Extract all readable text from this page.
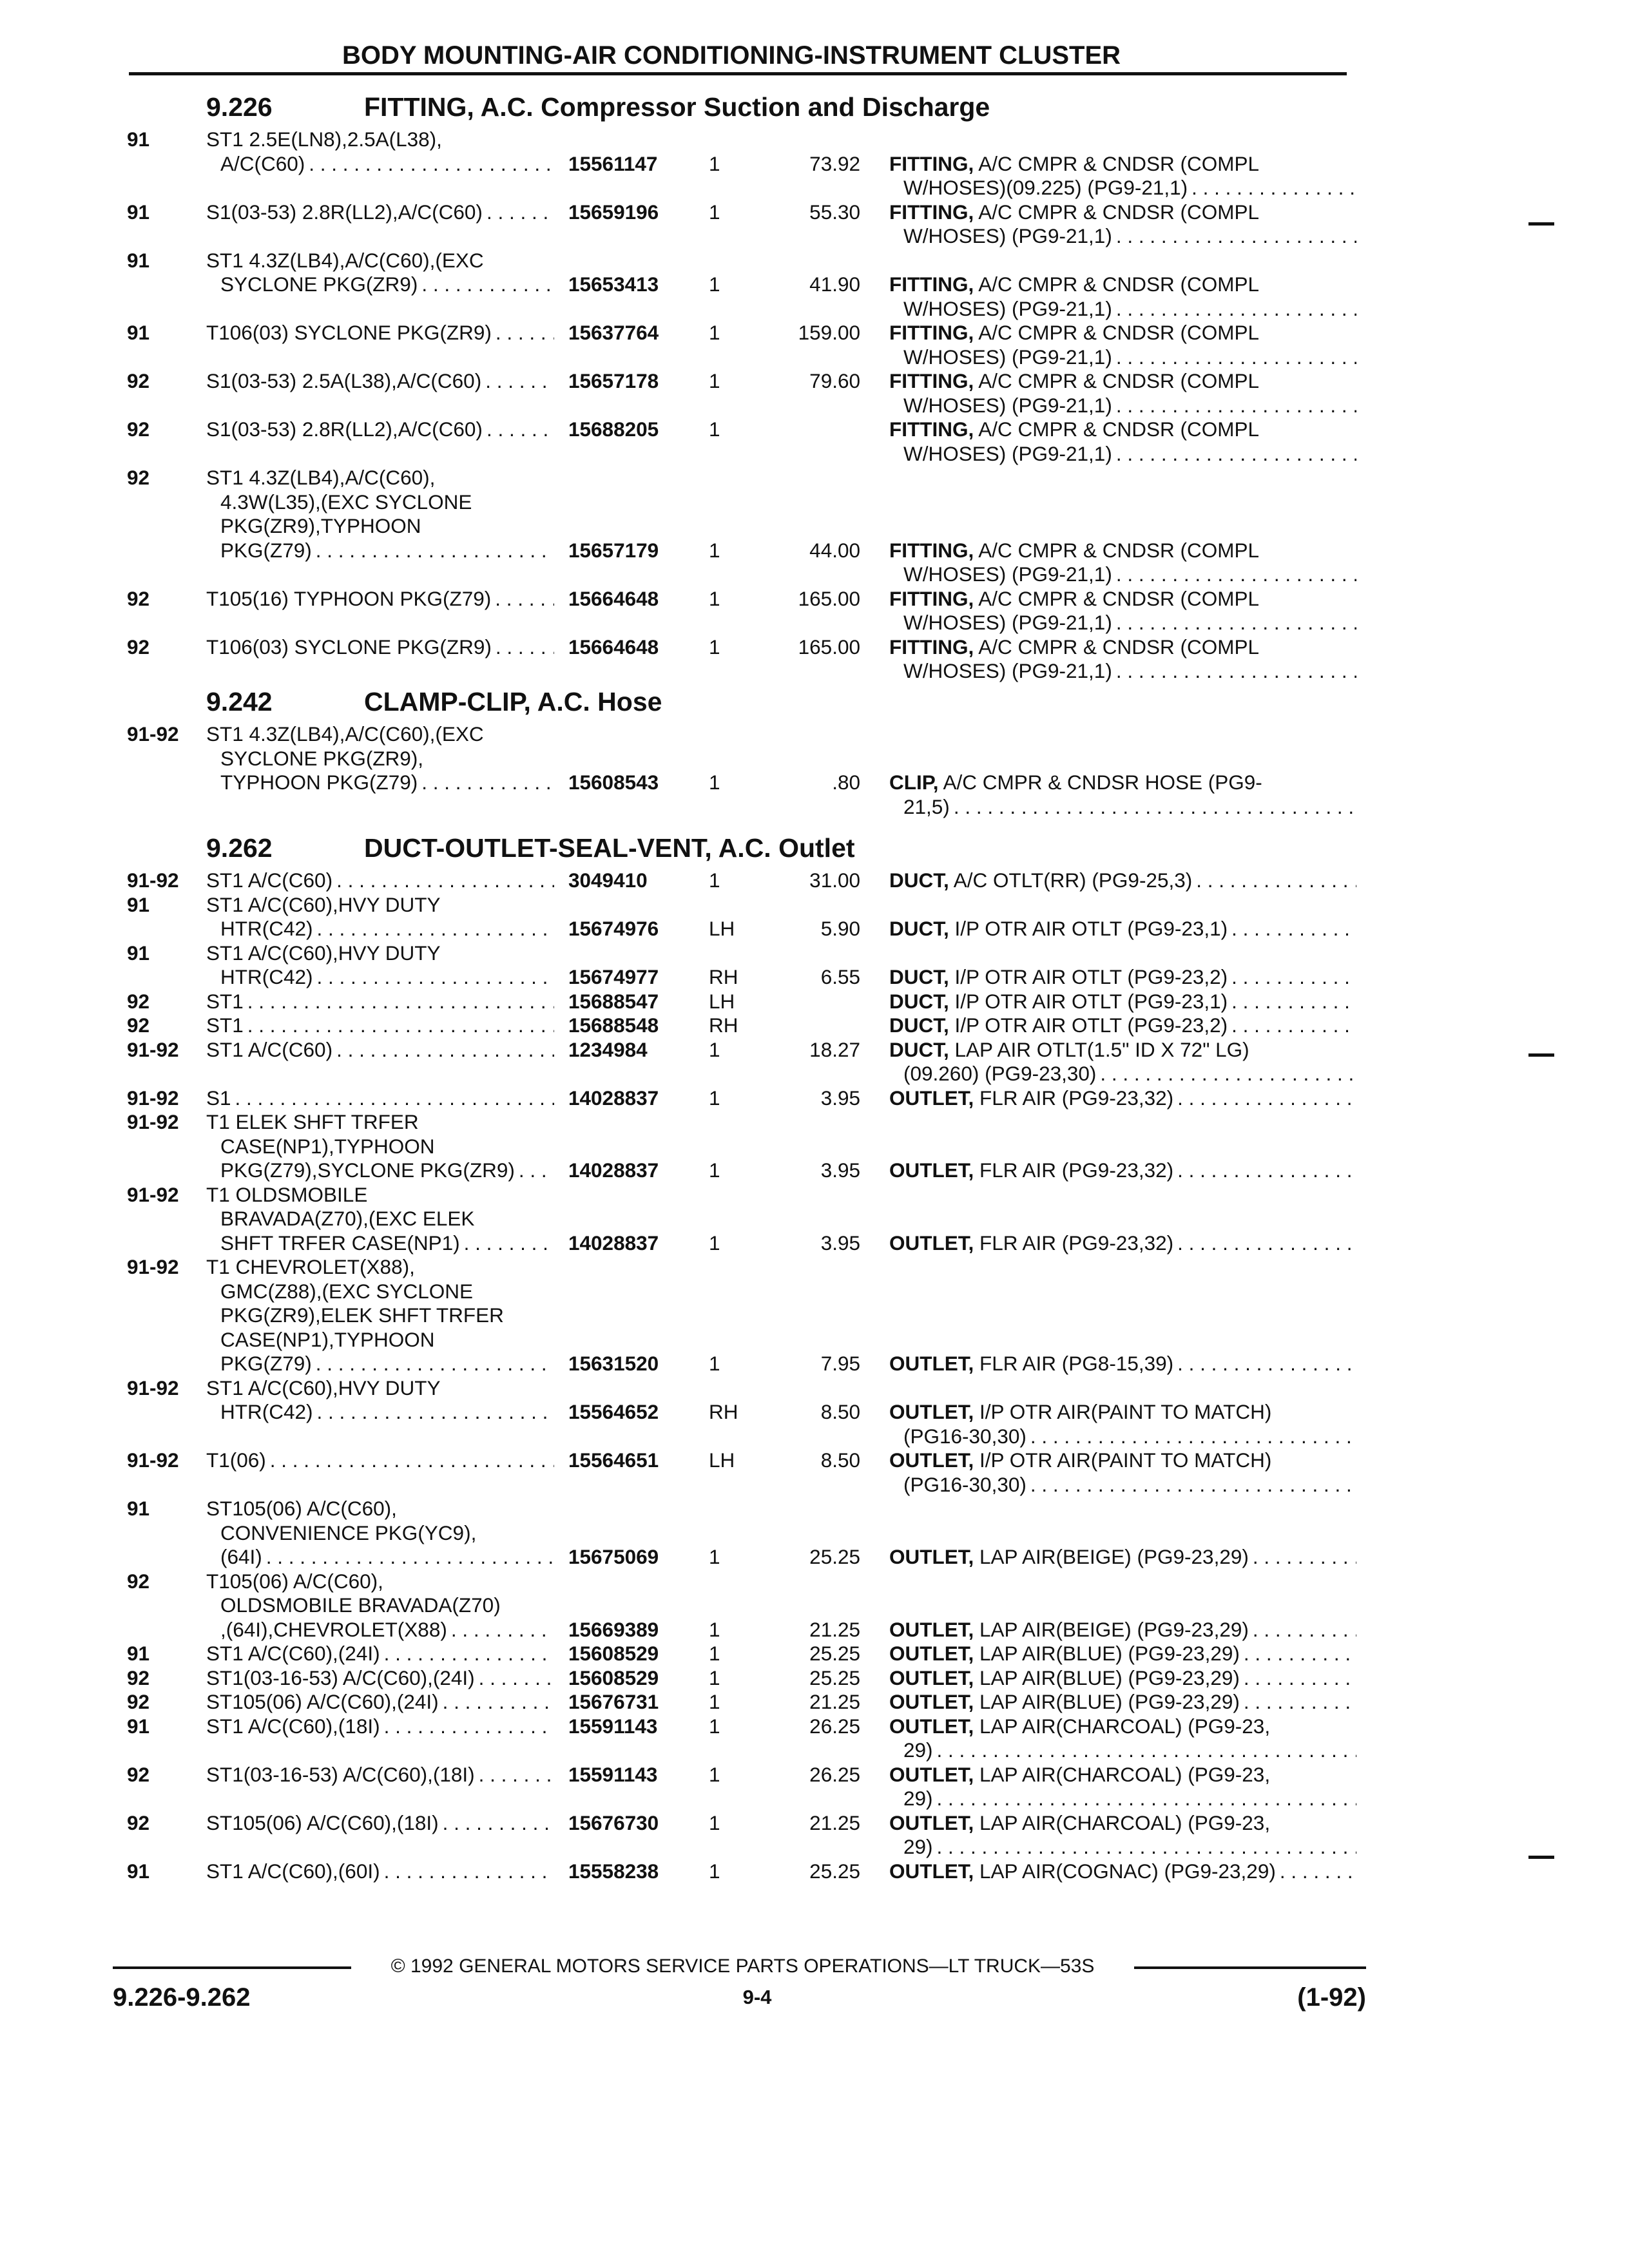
BODY MOUNTING-AIR CONDITIONING-INSTRUMENT CLUSTER
9.226	FITTING, A.C. Compressor Suction and Discharge
91	ST1 2.5E(LN8),2.5A(L38),
A/C(C60) . . .	15561147	1	73.92 FITTING, A/C CMPR & CNDSR (COMPL
W/HOSES)(09.225) (PG9-21,1)
. . .
91	S1(03-53) 2.8R(LL2),A/C(C60) . . .	15659196 1	55.30 FITTING, A/C CMPR & CNDSR (COMPL
W/HOSES) (PG9-21,1)
. . .
91	ST1 4.3Z(LB4),A/C(C60),(EXC
SYCLONE PKG(ZR9) . . .	15653413 1	41.90 FITTING, A/C CMPR & CNDSR (COMPL
W/HOSES) (PG9-21,1)
. . .
91	T106(03) SYCLONE PKG(ZR9) . . .	15637764 1	159.00 FITTING, A/C CMPR & CNDSR (COMPL
W/HOSES) (PG9-21,1)
. . .
92	S1(03-53) 2.5A(L38),A/C(C60) . . .	15657178 1	79.60 FITTING, A/C CMPR & CNDSR (COMPL
W/HOSES) (PG9-21,1)
. . .
92	S1(03-53) 2.8R(LL2),A/C(C60) . . .	15688205 1	FITTING, A/C CMPR & CNDSR (COMPL
W/HOSES) (PG9-21,1)
. . .
92	ST1 4.3Z(LB4),A/C(C60),
4.3W(L35),(EXC SYCLONE
PKG(ZR9),TYPHOON
PKG(Z79) . . .	15657179 1	44.00 FITTING, A/C CMPR & CNDSR (COMPL
W/HOSES) (PG9-21,1)
. . .
92	T105(16) TYPHOON PKG(Z79) . . .	15664648 1	165.00 FITTING, A/C CMPR & CNDSR (COMPL
W/HOSES) (PG9-21,1)
. . .
92	T106(03) SYCLONE PKG(ZR9) . . .	15664648 1	165.00 FITTING, A/C CMPR & CNDSR (COMPL
W/HOSES) (PG9-21,1)
. . .
9.242	CLAMP-CLIP, A.C. Hose
91-92 ST1 4.3Z(LB4),A/C(C60),(EXC
SYCLONE PKG(ZR9),
TYPHOON PKG(Z79) . . .	15608543 1	.80 CLIP, A/C CMPR & CNDSR HOSE (PG9-
21,5)
. . .
9.262	DUCT-OUTLET-SEAL-VENT, A.C. Outlet
91-92 ST1 A/C(C60) . . .	3049410	1	31.00 DUCT, A/C OTLT(RR) (PG9-25,3)
. . .
91	ST1 A/C(C60),HVY DUTY
HTR(C42) . . .	15674976 LH	5.90 DUCT, I/P OTR AIR OTLT (PG9-23,1)
. . .
91	ST1 A/C(C60),HVY DUTY
HTR(C42) . . .	15674977 RH	6.55 DUCT, I/P OTR AIR OTLT (PG9-23,2)
. . .
92	ST1 . . .	15688547 LH	DUCT, I/P OTR AIR OTLT (PG9-23,1)
. . .
92	ST1 . . .	15688548 RH	DUCT, I/P OTR AIR OTLT (PG9-23,2)
. . .
91-92 ST1 A/C(C60) . . .	1234984	1	18.27 DUCT, LAP AIR OTLT(1.5" ID X 72" LG)
(09.260) (PG9-23,30)
. . .
91-92 S1 . . .	14028837 1	3.95 OUTLET, FLR AIR (PG9-23,32)
. . .
91-92 T1 ELEK SHFT TRFER
CASE(NP1),TYPHOON
PKG(Z79),SYCLONE PKG(ZR9) . . .	14028837 1	3.95 OUTLET, FLR AIR (PG9-23,32)
. . .
91-92 T1 OLDSMOBILE
BRAVADA(Z70),(EXC ELEK
SHFT TRFER CASE(NP1) . . .	14028837 1	3.95 OUTLET, FLR AIR (PG9-23,32)
. . .
91-92 T1 CHEVROLET(X88),
GMC(Z88),(EXC SYCLONE
PKG(ZR9),ELEK SHFT TRFER
CASE(NP1),TYPHOON
PKG(Z79) . . .	15631520 1	7.95 OUTLET, FLR AIR (PG8-15,39)
. . .
91-92 ST1 A/C(C60),HVY DUTY
HTR(C42) . . .	15564652 RH	8.50 OUTLET, I/P OTR AIR(PAINT TO MATCH)
(PG16-30,30)
. . .
91-92 T1(06) . . .	15564651 LH	8.50 OUTLET, I/P OTR AIR(PAINT TO MATCH)
(PG16-30,30)
. . .
91	ST105(06) A/C(C60),
CONVENIENCE PKG(YC9),
(64I) . . .	15675069 1	25.25 OUTLET, LAP AIR(BEIGE) (PG9-23,29)
. . .
92	T105(06) A/C(C60),
OLDSMOBILE BRAVADA(Z70)
,(64I),CHEVROLET(X88) . . .	15669389 1	21.25 OUTLET, LAP AIR(BEIGE) (PG9-23,29)
. . .
91	ST1 A/C(C60),(24I) . . .	15608529 1	25.25 OUTLET, LAP AIR(BLUE) (PG9-23,29)
. . .
92	ST1(03-16-53) A/C(C60),(24I) . . .	15608529 1	25.25 OUTLET, LAP AIR(BLUE) (PG9-23,29)
. . .
92	ST105(06) A/C(C60),(24I) . . .	15676731 1	21.25 OUTLET, LAP AIR(BLUE) (PG9-23,29)
. . .
91	ST1 A/C(C60),(18I) . . .	15591143	1	26.25 OUTLET, LAP AIR(CHARCOAL) (PG9-23,
29)
. . .
92	ST1(03-16-53) A/C(C60),(18I) . . .	15591143	1	26.25 OUTLET, LAP AIR(CHARCOAL) (PG9-23,
29)
. . .
92	ST105(06) A/C(C60),(18I) . . .	15676730 1	21.25 OUTLET, LAP AIR(CHARCOAL) (PG9-23,
29)
. . .
91	ST1 A/C(C60),(60I) . . .	15558238 1	25.25 OUTLET, LAP AIR(COGNAC) (PG9-23,29)
. . .
© 1992 GENERAL MOTORS SERVICE PARTS OPERATIONS—LT TRUCK—53S
9.226-9.262	9-4	(1-92)
